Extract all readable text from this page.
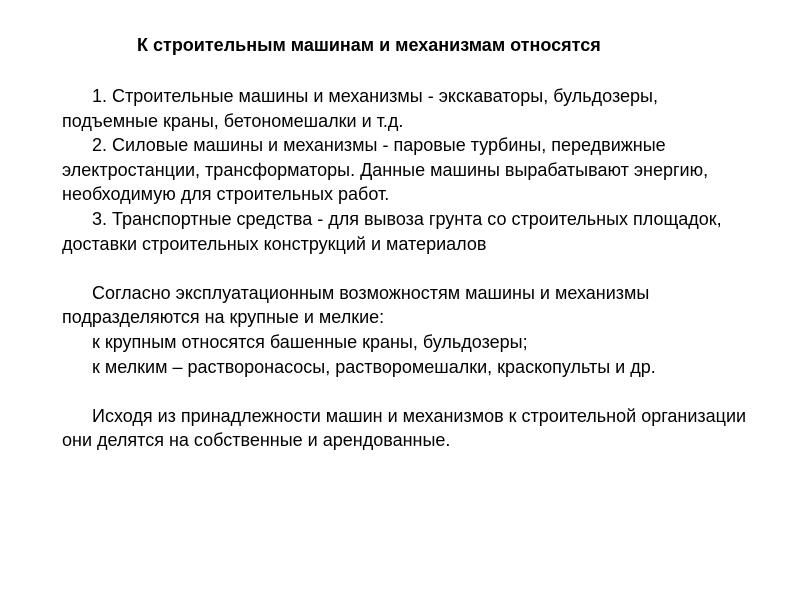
К строительным машинам и механизмам относятся

1. Строительные машины и механизмы - экскаваторы, бульдозеры, подъемные краны, бетономешалки и т.д.

2. Силовые машины и механизмы - паровые турбины, передвижные электростанции, трансформаторы. Данные машины вырабатывают энергию, необходимую для строительных работ.

3. Транспортные средства - для вывоза грунта со строительных площадок, доставки строительных конструкций и материалов

Согласно эксплуатационным возможностям машины и механизмы подразделяются на крупные и мелкие:

к крупным относятся башенные краны, бульдозеры;

к мелким – растворонасосы, растворомешалки, краскопульты и др.

Исходя из принадлежности машин и механизмов к строительной организации они делятся на собственные и арендованные.
